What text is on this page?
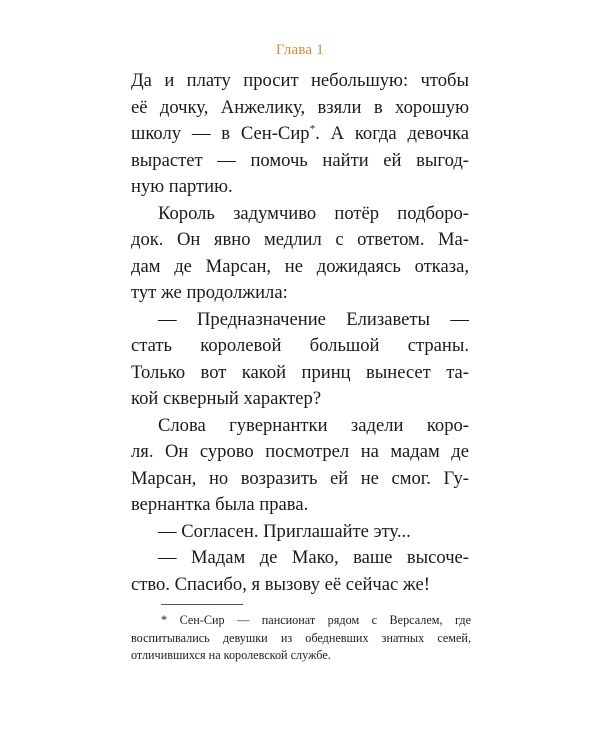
Глава 1

Да и плату просит небольшую: чтобы
её дочку, Анжелику, взяли в хорошую
школу — в Сен-Сир*. А когда девочка
вырастет — помочь найти ей выгод-
ную партию.

Король задумчиво потёр подборо-
док. Он явно медлил с ответом. Ма-
дам де Марсан, не дожидаясь отказа,
тут же продолжила:

— Предназначение Елизаветы —
стать королевой большой страны.
Только вот какой принц вынесет та-
кой скверный характер?

Слова гувернантки задели коро-
ля. Он сурово посмотрел на мадам де
Марсан, но возразить ей не смог. Гу-
вернантка была права.

— Согласен. Приглашайте эту...

— Мадам де Мако, ваше высоче-
ство. Спасибо, я вызову её сейчас же!

* Сен-Сир — пансионат рядом с Версалем, где
воспитывались девушки из обедневших знатных семей,
отличившихся на королевской службе.
